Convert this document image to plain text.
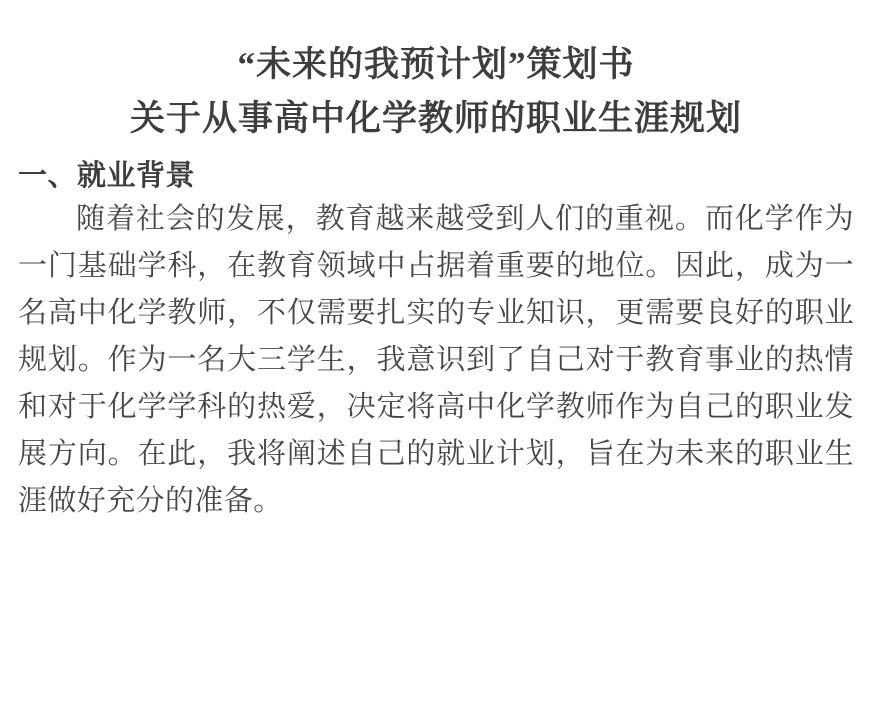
“未来的我预计划”策划书
关于从事高中化学教师的职业生涯规划
一、就业背景

随着社会的发展，教育越来越受到人们的重视。而化学作为一门基础学科，在教育领域中占据着重要的地位。因此，成为一名高中化学教师，不仅需要扎实的专业知识，更需要良好的职业规划。作为一名大三学生，我意识到了自己对于教育事业的热情和对于化学学科的热爱，决定将高中化学教师作为自己的职业发展方向。在此，我将阐述自己的就业计划，旨在为未来的职业生涯做好充分的准备。
